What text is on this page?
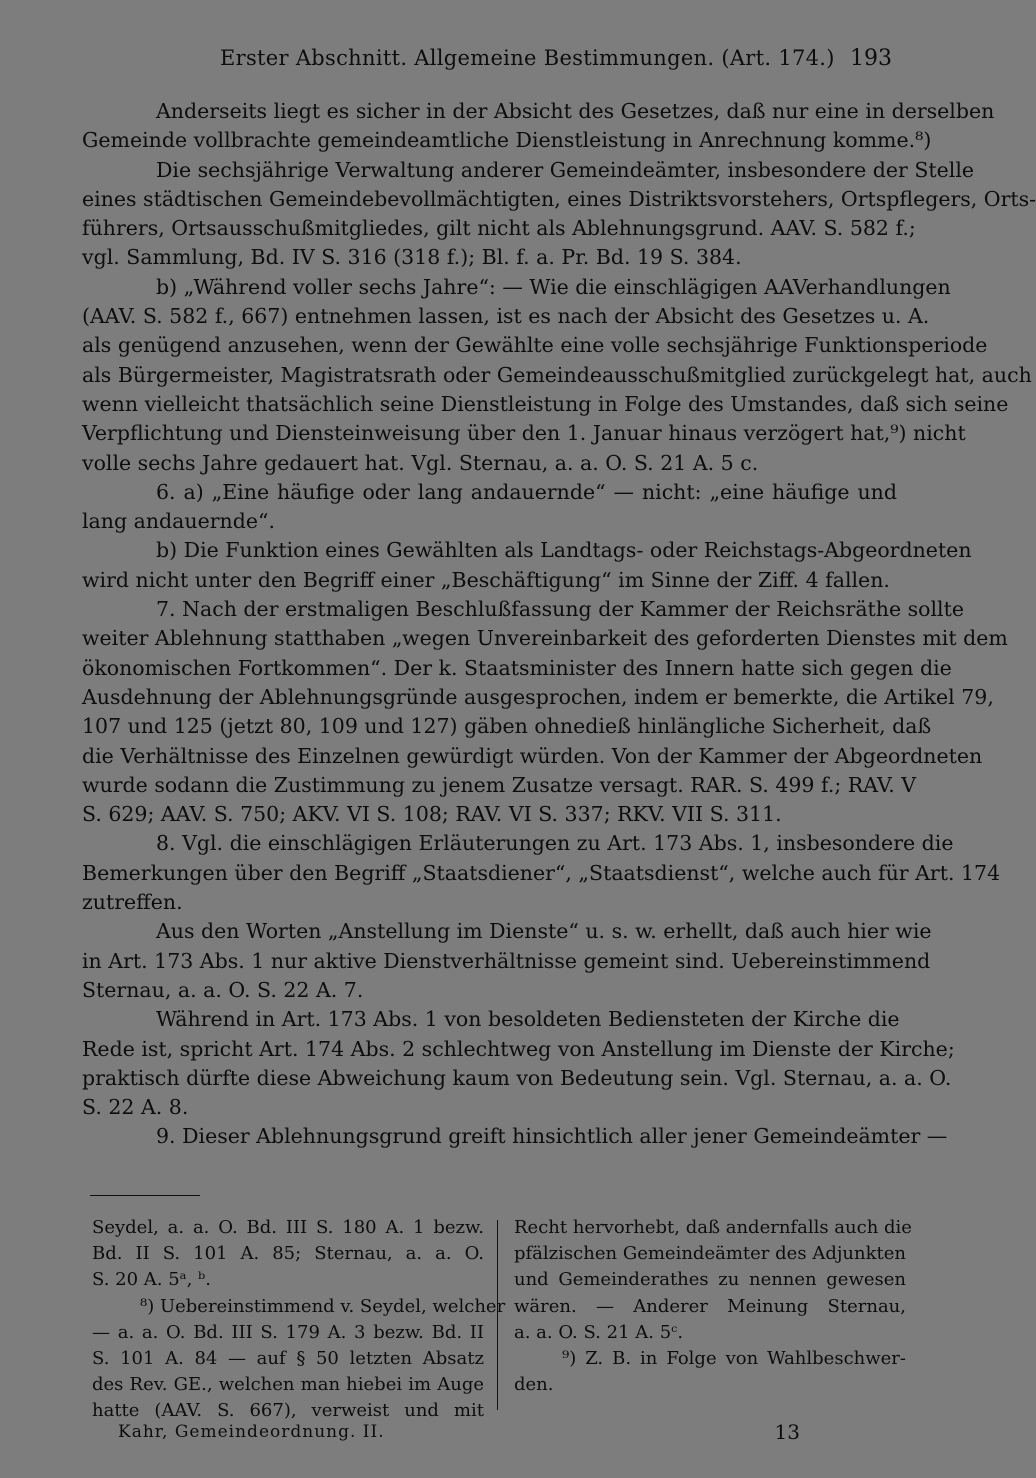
Erster Abschnitt. Allgemeine Bestimmungen. (Art. 174.) 193
Anderseits liegt es sicher in der Absicht des Gesetzes, daß nur eine in derselben
Gemeinde vollbrachte gemeindeamtliche Dienstleistung in Anrechnung komme.⁸)
Die sechsjährige Verwaltung anderer Gemeindeämter, insbesondere der Stelle
eines städtischen Gemeindebevollmächtigten, eines Distriktsvorstehers, Ortspflegers, Orts-
führers, Ortsausschußmitgliedes, gilt nicht als Ablehnungsgrund. AAV. S. 582 f.;
vgl. Sammlung, Bd. IV S. 316 (318 f.); Bl. f. a. Pr. Bd. 19 S. 384.
b) „Während voller sechs Jahre“: — Wie die einschlägigen AAVerhandlungen
(AAV. S. 582 f., 667) entnehmen lassen, ist es nach der Absicht des Gesetzes u. A.
als genügend anzusehen, wenn der Gewählte eine volle sechsjährige Funktionsperiode
als Bürgermeister, Magistratsrath oder Gemeindeausschußmitglied zurückgelegt hat, auch
wenn vielleicht thatsächlich seine Dienstleistung in Folge des Umstandes, daß sich seine
Verpflichtung und Diensteinweisung über den 1. Januar hinaus verzögert hat,⁹) nicht
volle sechs Jahre gedauert hat. Vgl. Sternau, a. a. O. S. 21 A. 5 c.
6. a) „Eine häufige oder lang andauernde“ — nicht: „eine häufige und
lang andauernde“.
b) Die Funktion eines Gewählten als Landtags- oder Reichstags-Abgeordneten
wird nicht unter den Begriff einer „Beschäftigung“ im Sinne der Ziff. 4 fallen.
7. Nach der erstmaligen Beschlußfassung der Kammer der Reichsräthe sollte
weiter Ablehnung statthaben „wegen Unvereinbarkeit des geforderten Dienstes mit dem
ökonomischen Fortkommen“. Der k. Staatsminister des Innern hatte sich gegen die
Ausdehnung der Ablehnungsgründe ausgesprochen, indem er bemerkte, die Artikel 79,
107 und 125 (jetzt 80, 109 und 127) gäben ohnedieß hinlängliche Sicherheit, daß
die Verhältnisse des Einzelnen gewürdigt würden. Von der Kammer der Abgeordneten
wurde sodann die Zustimmung zu jenem Zusatze versagt. RAR. S. 499 f.; RAV. V
S. 629; AAV. S. 750; AKV. VI S. 108; RAV. VI S. 337; RKV. VII S. 311.
8. Vgl. die einschlägigen Erläuterungen zu Art. 173 Abs. 1, insbesondere die
Bemerkungen über den Begriff „Staatsdiener“, „Staatsdienst“, welche auch für Art. 174
zutreffen.
Aus den Worten „Anstellung im Dienste“ u. s. w. erhellt, daß auch hier wie
in Art. 173 Abs. 1 nur aktive Dienstverhältnisse gemeint sind. Uebereinstimmend
Sternau, a. a. O. S. 22 A. 7.
Während in Art. 173 Abs. 1 von besoldeten Bediensteten der Kirche die
Rede ist, spricht Art. 174 Abs. 2 schlechtweg von Anstellung im Dienste der Kirche;
praktisch dürfte diese Abweichung kaum von Bedeutung sein. Vgl. Sternau, a. a. O.
S. 22 A. 8.
9. Dieser Ablehnungsgrund greift hinsichtlich aller jener Gemeindeämter —
Seydel, a. a. O. Bd. III S. 180 A. 1 bezw.
Bd. II S. 101 A. 85; Sternau, a. a. O.
S. 20 A. 5ᵃ, ᵇ.
⁸) Uebereinstimmend v. Seydel, welcher
— a. a. O. Bd. III S. 179 A. 3 bezw. Bd. II
S. 101 A. 84 — auf § 50 letzten Absatz
des Rev. GE., welchen man hiebei im Auge
hatte (AAV. S. 667), verweist und mit
Recht hervorhebt, daß andernfalls auch die
pfälzischen Gemeindeämter des Adjunkten
und Gemeinderathes zu nennen gewesen
wären. — Anderer Meinung Sternau,
a. a. O. S. 21 A. 5ᶜ.
⁹) Z. B. in Folge von Wahlbeschwer-
den.
Kahr, Gemeindeordnung. II.	13
